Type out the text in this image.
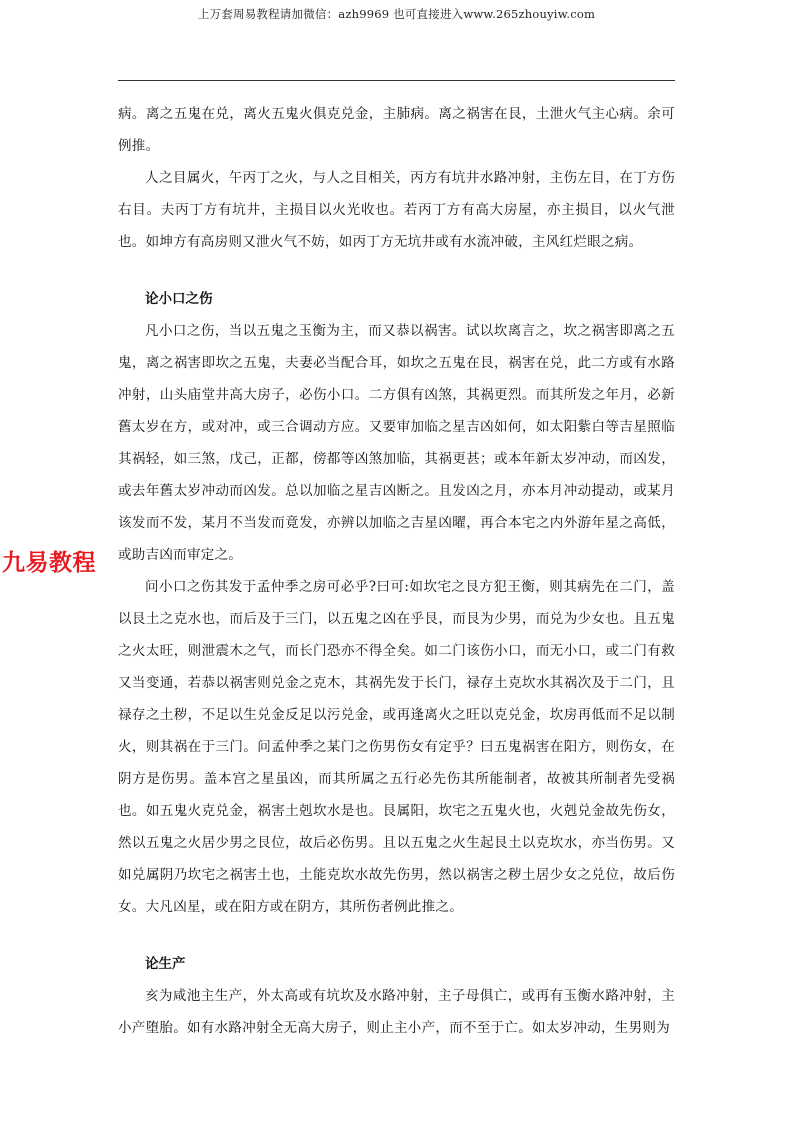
上万套周易教程请加微信：azh9969 也可直接进入www.265zhouyiw.com
九易教程

病。离之五鬼在兑，离火五鬼火俱克兑金，主肺病。离之祸害在艮，土泄火气主心病。余可例推。

人之目属火，午丙丁之火，与人之目相关，丙方有坑井水路冲射，主伤左目，在丁方伤右目。夫丙丁方有坑井，主损目以火光收也。若丙丁方有高大房屋，亦主损目，以火气泄也。如坤方有高房则又泄火气不妨，如丙丁方无坑井或有水流冲破，主风红烂眼之病。

论小口之伤

凡小口之伤，当以五鬼之玉衡为主，而又恭以祸害。试以坎离言之，坎之祸害即离之五鬼，离之祸害即坎之五鬼，夫妻必当配合耳，如坎之五鬼在艮，祸害在兑，此二方或有水路冲射，山头庙堂井高大房子，必伤小口。二方俱有凶煞，其祸更烈。而其所发之年月，必新舊太岁在方，或对冲，或三合调动方应。又要审加临之星吉凶如何，如太阳紫白等吉星照临其祸轻，如三煞，戊己，正都，傍都等凶煞加临，其祸更甚；或本年新太岁冲动，而凶发，或去年舊太岁冲动而凶发。总以加临之星吉凶断之。且发凶之月，亦本月冲动提动，或某月该发而不发，某月不当发而竟发，亦辨以加临之吉星凶曜，再合本宅之内外游年星之高低，或助吉凶而审定之。

问小口之伤其发于孟仲季之房可必乎?曰可:如坎宅之艮方犯王衡，则其病先在二门，盖以艮土之克水也，而后及于三门，以五鬼之凶在乎艮，而艮为少男，而兑为少女也。且五鬼之火太旺，则泄震木之气，而长门恐亦不得全矣。如二门该伤小口，而无小口，或二门有救又当变通，若恭以祸害则兑金之克木，其祸先发于长门，禄存土克坎水其祸次及于二门，且禄存之土秽，不足以生兑金反足以污兑金，或再逢离火之旺以克兑金，坎房再低而不足以制火，则其祸在于三门。问孟仲季之某门之伤男伤女有定乎？曰五鬼祸害在阳方，则伤女，在阴方是伤男。盖本宫之星虽凶，而其所属之五行必先伤其所能制者，故被其所制者先受祸也。如五鬼火克兑金，祸害土剋坎水是也。艮属阳，坎宅之五鬼火也，火剋兑金故先伤女，然以五鬼之火居少男之艮位，故后必伤男。且以五鬼之火生起艮土以克坎水，亦当伤男。又如兑属阴乃坎宅之祸害土也，土能克坎水故先伤男，然以祸害之秽土居少女之兑位，故后伤女。大凡凶星，或在阳方或在阴方，其所伤者例此推之。

论生产

亥为咸池主生产，外太高或有坑坎及水路冲射，主子母俱亡，或再有玉衡水路冲射，主小产堕胎。如有水路冲射全无高大房子，则止主小产，而不至于亡。如太岁冲动，生男则为
